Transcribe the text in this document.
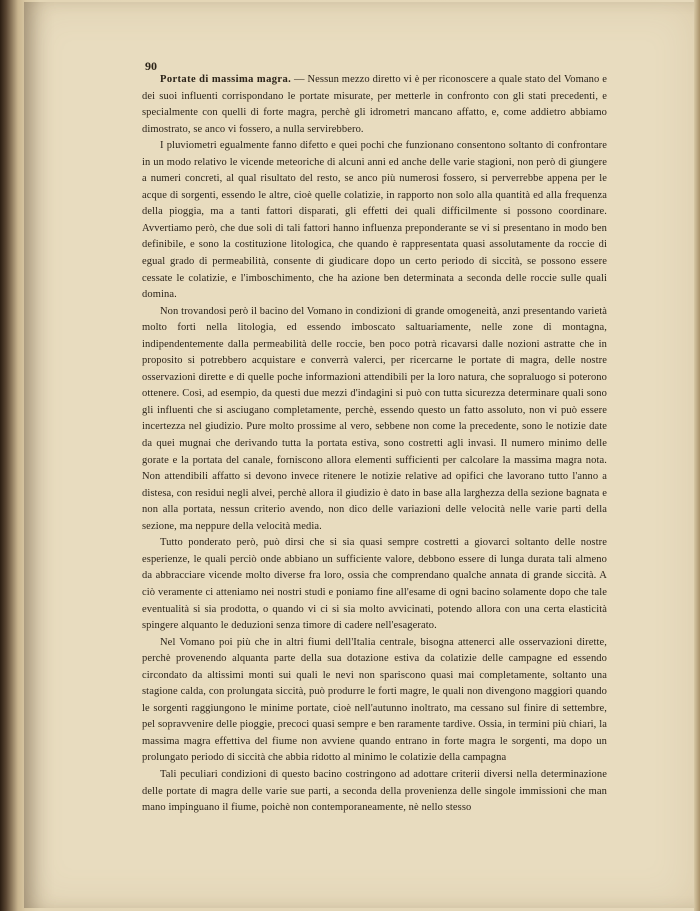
90

Portate di massima magra. — Nessun mezzo diretto vi è per riconoscere a quale stato del Vomano e dei suoi influenti corrispondano le portate misurate, per metterle in confronto con gli stati precedenti, e specialmente con quelli di forte magra, perchè gli idrometri mancano affatto, e, come addietro abbiamo dimostrato, se anco vi fossero, a nulla servirebbero.

I pluviometri egualmente fanno difetto e quei pochi che funzionano consentono soltanto di confrontare in un modo relativo le vicende meteoriche di alcuni anni ed anche delle varie stagioni, non però di giungere a numeri concreti, al qual risultato del resto, se anco più numerosi fossero, si perverrebbe appena per le acque di sorgenti, essendo le altre, cioè quelle colatizie, in rapporto non solo alla quantità ed alla frequenza della pioggia, ma a tanti fattori disparati, gli effetti dei quali difficilmente si possono coordinare. Avvertiamo però, che due soli di tali fattori hanno influenza preponderante se vi si presentano in modo ben definibile, e sono la costituzione litologica, che quando è rappresentata quasi assolutamente da roccie di egual grado di permeabilità, consente di giudicare dopo un certo periodo di siccità, se possono essere cessate le colatizie, e l'imboschimento, che ha azione ben determinata a seconda delle roccie sulle quali domina.

Non trovandosi però il bacino del Vomano in condizioni di grande omogeneità, anzi presentando varietà molto forti nella litologia, ed essendo imboscato saltuariamente, nelle zone di montagna, indipendentemente dalla permeabilità delle roccie, ben poco potrà ricavarsi dalle nozioni astratte che in proposito si potrebbero acquistare e converrà valerci, per ricercarne le portate di magra, delle nostre osservazioni dirette e di quelle poche informazioni attendibili per la loro natura, che sopraluogo si poterono ottenere. Così, ad esempio, da questi due mezzi d'indagini si può con tutta sicurezza determinare quali sono gli influenti che si asciugano completamente, perchè, essendo questo un fatto assoluto, non vi può essere incertezza nel giudizio. Pure molto prossime al vero, sebbene non come la precedente, sono le notizie date da quei mugnai che derivando tutta la portata estiva, sono costretti agli invasi. Il numero minimo delle gorate e la portata del canale, forniscono allora elementi sufficienti per calcolare la massima magra nota. Non attendibili affatto si devono invece ritenere le notizie relative ad opifici che lavorano tutto l'anno a distesa, con residui negli alvei, perchè allora il giudizio è dato in base alla larghezza della sezione bagnata e non alla portata, nessun criterio avendo, non dico delle variazioni delle velocità nelle varie parti della sezione, ma neppure della velocità media.

Tutto ponderato però, può dirsi che si sia quasi sempre costretti a giovarci soltanto delle nostre esperienze, le quali perciò onde abbiano un sufficiente valore, debbono essere di lunga durata tali almeno da abbracciare vicende molto diverse fra loro, ossia che comprendano qualche annata di grande siccità. A ciò veramente ci atteniamo nei nostri studi e poniamo fine all'esame di ogni bacino solamente dopo che tale eventualità si sia prodotta, o quando vi ci si sia molto avvicinati, potendo allora con una certa elasticità spingere alquanto le deduzioni senza timore di cadere nell'esagerato.

Nel Vomano poi più che in altri fiumi dell'Italia centrale, bisogna attenerci alle osservazioni dirette, perchè provenendo alquanta parte della sua dotazione estiva da colatizie delle campagne ed essendo circondato da altissimi monti sui quali le nevi non spariscono quasi mai completamente, soltanto una stagione calda, con prolungata siccità, può produrre le forti magre, le quali non divengono maggiori quando le sorgenti raggiungono le minime portate, cioè nell'autunno inoltrato, ma cessano sul finire di settembre, pel sopravvenire delle pioggie, precoci quasi sempre e ben raramente tardive. Ossia, in termini più chiari, la massima magra effettiva del fiume non avviene quando entrano in forte magra le sorgenti, ma dopo un prolungato periodo di siccità che abbia ridotto al minimo le colatizie della campagna

Tali peculiari condizioni di questo bacino costringono ad adottare criterii diversi nella determinazione delle portate di magra delle varie sue parti, a seconda della provenienza delle singole immissioni che man mano impinguano il fiume, poichè non contemporaneamente, nè nello stesso
